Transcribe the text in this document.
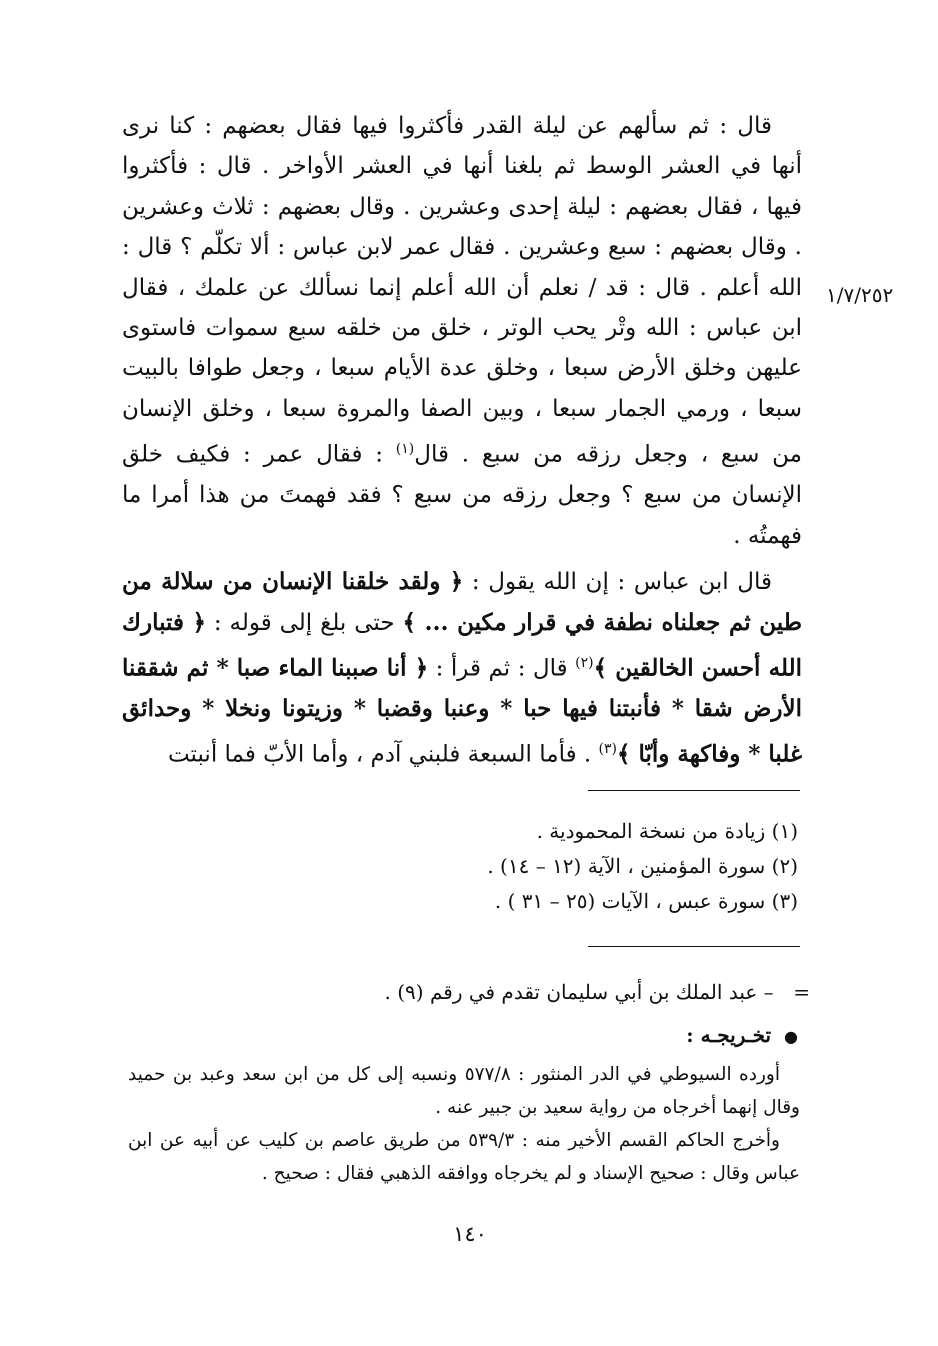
١/٧/٢٥٢

قال : ثم سألهم عن ليلة القدر فأكثروا فيها فقال بعضهم : كنا نرى أنها في العشر الوسط ثم بلغنا أنها في العشر الأواخر . قال : فأكثروا فيها ، فقال بعضهم : ليلة إحدى وعشرين . وقال بعضهم : ثلاث وعشرين . وقال بعضهم : سبع وعشرين . فقال عمر لابن عباس : ألا تكلّم ؟ قال : الله أعلم . قال : قد / نعلم أن الله أعلم إنما نسألك عن علمك ، فقال ابن عباس : الله وتْر يحب الوتر ، خلق من خلقه سبع سموات فاستوى عليهن وخلق الأرض سبعا ، وخلق عدة الأيام سبعا ، وجعل طوافا بالبيت سبعا ، ورمي الجمار سبعا ، وبين الصفا والمروة سبعا ، وخلق الإنسان من سبع ، وجعل رزقه من سبع . قال$^{(١)}$ : فقال عمر : فكيف خلق الإنسان من سبع ؟ وجعل رزقه من سبع ؟ فقد فهمتَ من هذا أمرا ما فهمتُه .

قال ابن عباس : إن الله يقول : ﴿ ولقد خلقنا الإنسان من سلالة من طين ثم جعلناه نطفة في قرار مكين ... ﴾ حتى بلغ إلى قوله : ﴿ فتبارك الله أحسن الخالقين ﴾$^{(٢)}$ قال : ثم قرأ : ﴿ أنا صببنا الماء صبا * ثم شققنا الأرض شقا * فأنبتنا فيها حبا * وعنبا وقضبا * وزيتونا ونخلا * وحدائق غلبا * وفاكهة وأبّا ﴾$^{(٣)}$ . فأما السبعة فلبني آدم ، وأما الأبّ فما أنبتت

(١) زيادة من نسخة المحمودية .
(٢) سورة المؤمنين ، الآية (١٢ – ١٤) .
(٣) سورة عبس ، الآيات (٢٥ – ٣١ ) .
= – عبد الملك بن أبي سليمان تقدم في رقم (٩) .
● تخـريجـه :

أورده السيوطي في الدر المنثور : ٥٧٧/٨ ونسبه إلى كل من ابن سعد وعبد بن حميد وقال إنهما أخرجاه من رواية سعيد بن جبير عنه .

وأخرج الحاكم القسم الأخير منه : ٥٣٩/٣ من طريق عاصم بن كليب عن أبيه عن ابن عباس وقال : صحيح الإسناد و لم يخرجاه ووافقه الذهبي فقال : صحيح .

١٤٠
